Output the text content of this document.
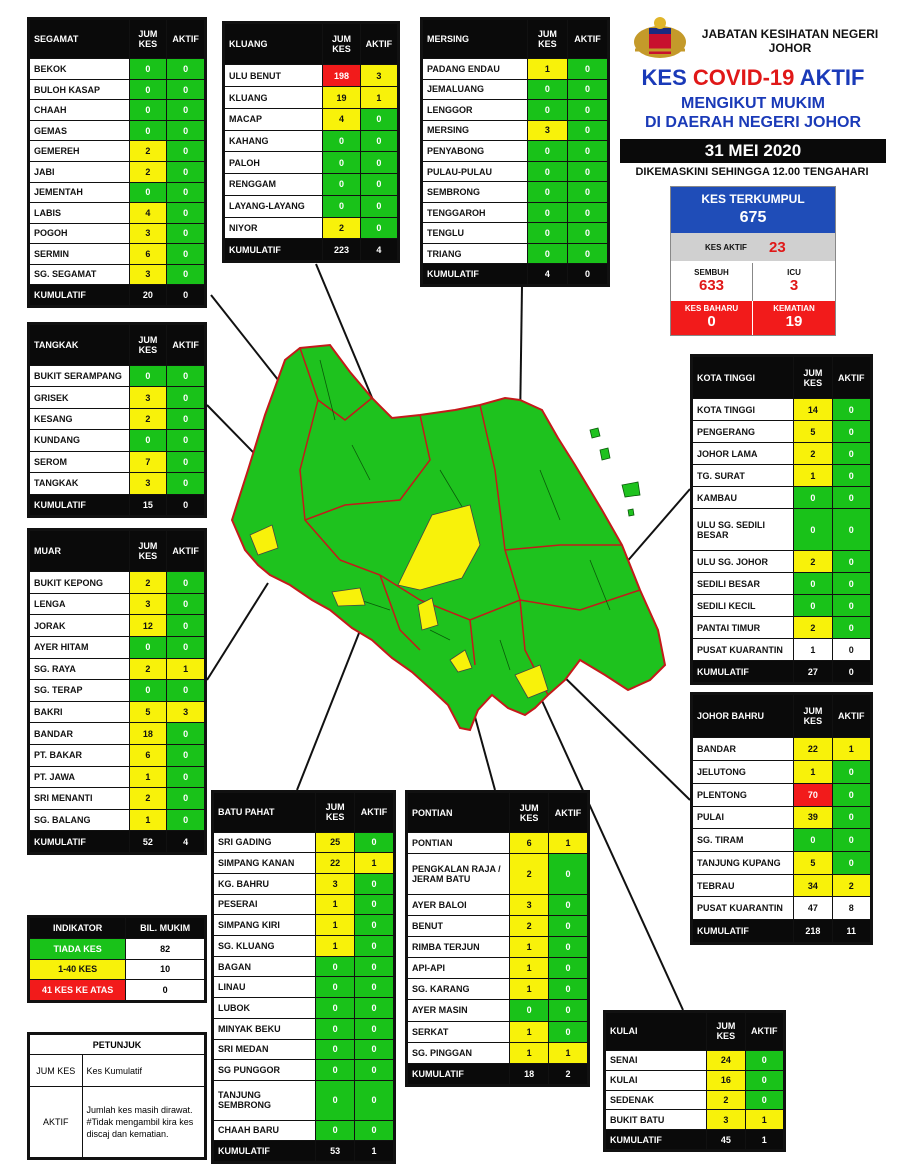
JABATAN KESIHATAN NEGERI
JOHOR
KES COVID-19 AKTIF
MENGIKUT MUKIM
DI DAERAH NEGERI JOHOR
31 MEI 2020
DIKEMASKINI SEHINGGA 12.00 TENGAHARI
KES TERKUMPUL
675
KES AKTIF 23
SEMBUH
633
ICU
3
KES BAHARU
0
KEMATIAN
19
SEGAMAT	JUM KES	AKTIF
BEKOK	0	0
BULOH KASAP	0	0
CHAAH	0	0
GEMAS	0	0
GEMEREH	2	0
JABI	2	0
JEMENTAH	0	0
LABIS	4	0
POGOH	3	0
SERMIN	6	0
SG. SEGAMAT	3	0
KUMULATIF	20	0
KLUANG	JUM KES	AKTIF
ULU BENUT	198	3
KLUANG	19	1
MACAP	4	0
KAHANG	0	0
PALOH	0	0
RENGGAM	0	0
LAYANG-LAYANG	0	0
NIYOR	2	0
KUMULATIF	223	4
MERSING	JUM KES	AKTIF
PADANG ENDAU	1	0
JEMALUANG	0	0
LENGGOR	0	0
MERSING	3	0
PENYABONG	0	0
PULAU-PULAU	0	0
SEMBRONG	0	0
TENGGAROH	0	0
TENGLU	0	0
TRIANG	0	0
KUMULATIF	4	0
TANGKAK	JUM KES	AKTIF
BUKIT SERAMPANG	0	0
GRISEK	3	0
KESANG	2	0
KUNDANG	0	0
SEROM	7	0
TANGKAK	3	0
KUMULATIF	15	0
MUAR	JUM KES	AKTIF
BUKIT KEPONG	2	0
LENGA	3	0
JORAK	12	0
AYER HITAM	0	0
SG. RAYA	2	1
SG. TERAP	0	0
BAKRI	5	3
BANDAR	18	0
PT. BAKAR	6	0
PT. JAWA	1	0
SRI MENANTI	2	0
SG. BALANG	1	0
KUMULATIF	52	4
KOTA TINGGI	JUM KES	AKTIF
KOTA TINGGI	14	0
PENGERANG	5	0
JOHOR LAMA	2	0
TG. SURAT	1	0
KAMBAU	0	0
ULU SG. SEDILI BESAR	0	0
ULU SG. JOHOR	2	0
SEDILI BESAR	0	0
SEDILI KECIL	0	0
PANTAI TIMUR	2	0
PUSAT KUARANTIN	1	0
KUMULATIF	27	0
JOHOR BAHRU	JUM KES	AKTIF
BANDAR	22	1
JELUTONG	1	0
PLENTONG	70	0
PULAI	39	0
SG. TIRAM	0	0
TANJUNG KUPANG	5	0
TEBRAU	34	2
PUSAT KUARANTIN	47	8
KUMULATIF	218	11
BATU PAHAT	JUM KES	AKTIF
SRI GADING	25	0
SIMPANG KANAN	22	1
KG. BAHRU	3	0
PESERAI	1	0
SIMPANG KIRI	1	0
SG. KLUANG	1	0
BAGAN	0	0
LINAU	0	0
LUBOK	0	0
MINYAK BEKU	0	0
SRI MEDAN	0	0
SG PUNGGOR	0	0
TANJUNG SEMBRONG	0	0
CHAAH BARU	0	0
KUMULATIF	53	1
PONTIAN	JUM KES	AKTIF
PONTIAN	6	1
PENGKALAN RAJA / JERAM BATU	2	0
AYER BALOI	3	0
BENUT	2	0
RIMBA TERJUN	1	0
API-API	1	0
SG. KARANG	1	0
AYER MASIN	0	0
SERKAT	1	0
SG. PINGGAN	1	1
KUMULATIF	18	2
KULAI	JUM KES	AKTIF
SENAI	24	0
KULAI	16	0
SEDENAK	2	0
BUKIT BATU	3	1
KUMULATIF	45	1
INDIKATOR	BIL. MUKIM
TIADA KES	82
1-40 KES	10
41 KES KE ATAS	0
PETUNJUK	
JUM KES	Kes Kumulatif
AKTIF	Jumlah kes masih dirawat. #Tidak mengambil kira kes discaj dan kematian.
